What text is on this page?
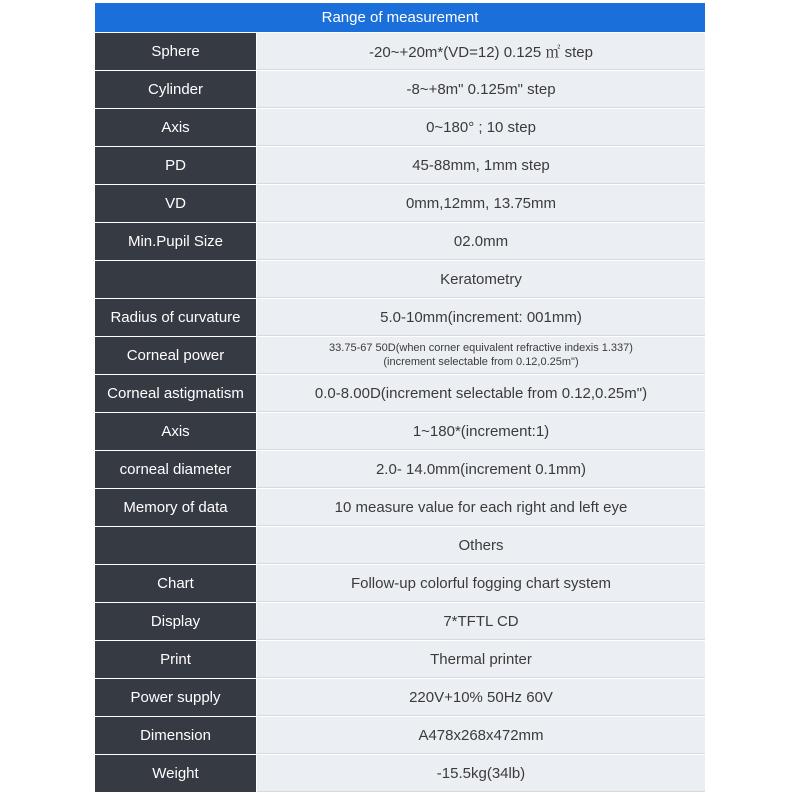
Range of measurement
Sphere	-20~+20m*(VD=12) 0.125 ㎡ step
Cylinder	-8~+8m" 0.125m" step
Axis	0~180° ; 10 step
PD	45-88mm, 1mm step
VD	0mm,12mm, 13.75mm
Min.Pupil Size	02.0mm
Keratometry
Radius of curvature	5.0-10mm(increment: 001mm)
Corneal power	33.75-67 50D(when corner equivalent refractive indexis 1.337)
(increment selectable from 0.12,0.25m")
Corneal astigmatism	0.0-8.00D(increment selectable from 0.12,0.25m")
Axis	1~180*(increment:1)
corneal diameter	2.0- 14.0mm(increment 0.1mm)
Memory of data	10 measure value for each right and left eye
Others
Chart	Follow-up colorful fogging chart system
Display	7*TFTL CD
Print	Thermal printer
Power supply	220V+10% 50Hz 60V
Dimension	A478x268x472mm
Weight	-15.5kg(34lb)
